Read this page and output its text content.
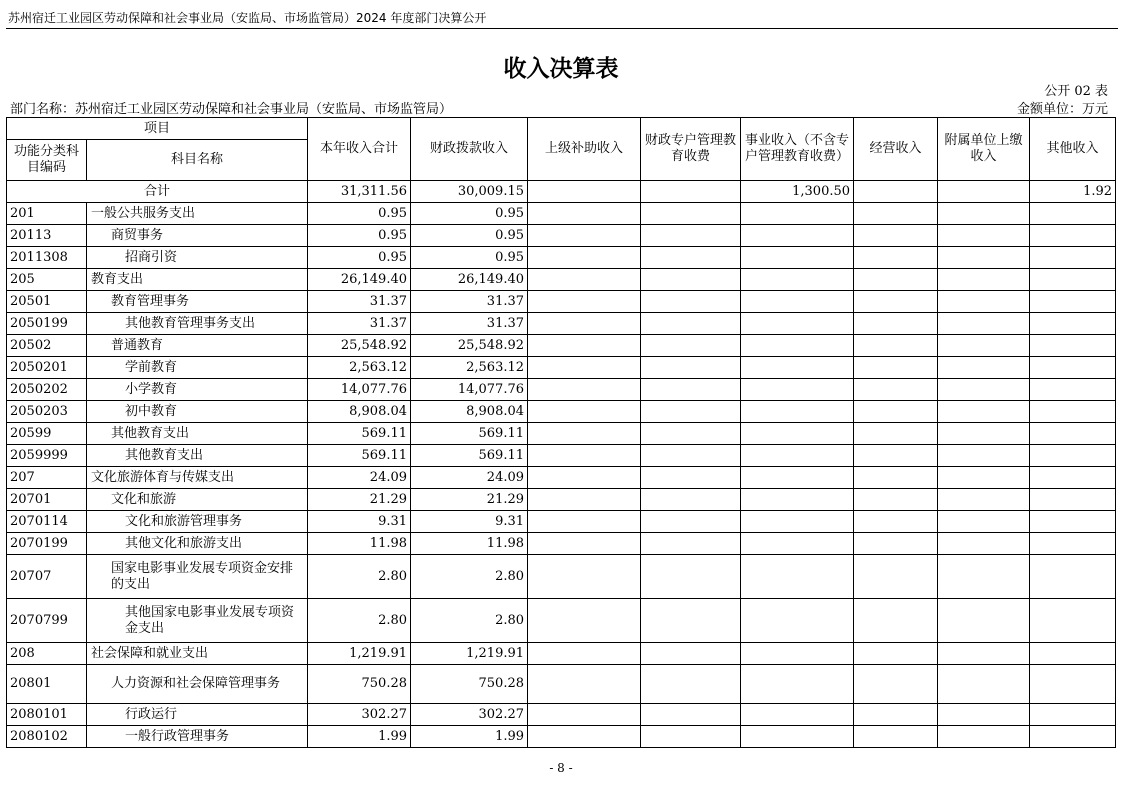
苏州宿迁工业园区劳动保障和社会事业局（安监局、市场监管局）2024 年度部门决算公开
收入决算表
公开 02 表
部门名称：苏州宿迁工业园区劳动保障和社会事业局（安监局、市场监管局）	金额单位：万元
项目		本年收入合计	财政拨款收入	上级补助收入	财政专户管理教育收费	事业收入（不含专户管理教育收费）	经营收入	附属单位上缴收入	其他收入
功能分类科目编码	科目名称								
合计		31,311.56	30,009.15			1,300.50			1.92
201	一般公共服务支出	0.95	0.95						
20113	商贸事务	0.95	0.95						
2011308	招商引资	0.95	0.95						
205	教育支出	26,149.40	26,149.40						
20501	教育管理事务	31.37	31.37						
2050199	其他教育管理事务支出	31.37	31.37						
20502	普通教育	25,548.92	25,548.92						
2050201	学前教育	2,563.12	2,563.12						
2050202	小学教育	14,077.76	14,077.76						
2050203	初中教育	8,908.04	8,908.04						
20599	其他教育支出	569.11	569.11						
2059999	其他教育支出	569.11	569.11						
207	文化旅游体育与传媒支出	24.09	24.09						
20701	文化和旅游	21.29	21.29						
2070114	文化和旅游管理事务	9.31	9.31						
2070199	其他文化和旅游支出	11.98	11.98						
20707	国家电影事业发展专项资金安排的支出	2.80	2.80						
2070799	其他国家电影事业发展专项资金支出	2.80	2.80						
208	社会保障和就业支出	1,219.91	1,219.91						
20801	人力资源和社会保障管理事务	750.28	750.28						
2080101	行政运行	302.27	302.27						
2080102	一般行政管理事务	1.99	1.99						
- 8 -
